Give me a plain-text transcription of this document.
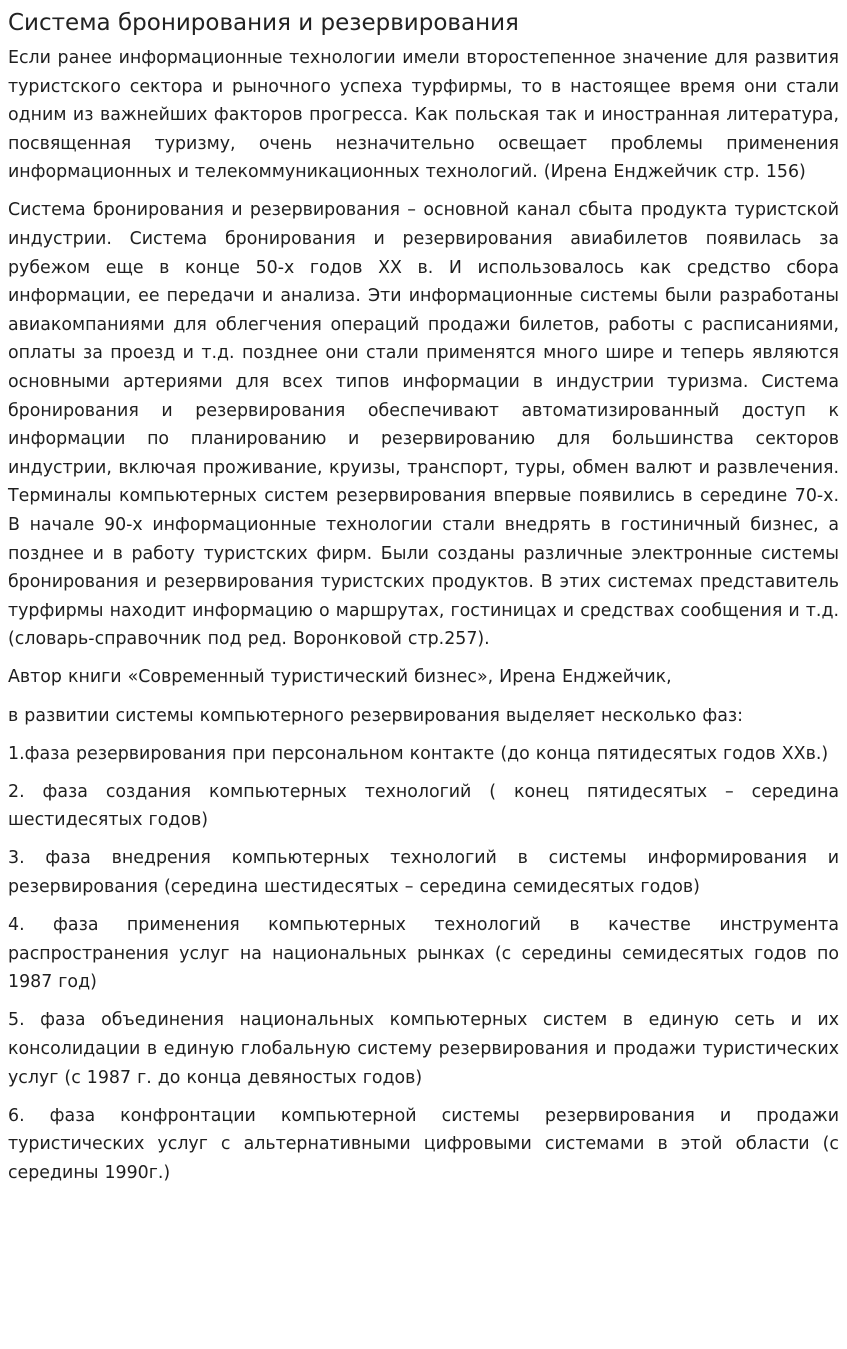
Система бронирования и резервирования

Если ранее информационные технологии имели второстепенное значение для развития туристского сектора и рыночного успеха турфирмы, то в настоящее время они стали одним из важнейших факторов прогресса. Как польская так и иностранная литература, посвященная туризму, очень незначительно освещает проблемы применения информационных и телекоммуникационных технологий. (Ирена Енджейчик стр. 156)

Система бронирования и резервирования – основной канал сбыта продукта туристской индустрии. Система бронирования и резервирования авиабилетов появилась за рубежом еще в конце 50-х годов XX в. И использовалось как средство сбора информации, ее передачи и анализа. Эти информационные системы были разработаны авиакомпаниями для облегчения операций продажи билетов, работы с расписаниями, оплаты за проезд и т.д. позднее они стали применятся много шире и теперь являются основными артериями для всех типов информации в индустрии туризма. Система бронирования и резервирования обеспечивают автоматизированный доступ к информации по планированию и резервированию для большинства секторов индустрии, включая проживание, круизы, транспорт, туры, обмен валют и развлечения. Терминалы компьютерных систем резервирования впервые появились в середине 70-х. В начале 90-х информационные технологии стали внедрять в гостиничный бизнес, а позднее и в работу туристских фирм. Были созданы различные электронные системы бронирования и резервирования туристских продуктов. В этих системах представитель турфирмы находит информацию о маршрутах, гостиницах и средствах сообщения и т.д. (словарь-справочник под ред. Воронковой стр.257).

Автор книги «Современный туристический бизнес», Ирена Енджейчик,

в развитии системы компьютерного резервирования выделяет несколько фаз:

1.фаза резервирования при персональном контакте (до конца пятидесятых годов XXв.)

2. фаза создания компьютерных технологий ( конец пятидесятых – середина шестидесятых годов)

3. фаза внедрения компьютерных технологий в системы информирования и резервирования (середина шестидесятых – середина семидесятых годов)

4. фаза применения компьютерных технологий в качестве инструмента распространения услуг на национальных рынках (с середины семидесятых годов по 1987 год)

5. фаза объединения национальных компьютерных систем в единую сеть и их консолидации в единую глобальную систему резервирования и продажи туристических услуг (с 1987 г. до конца девяностых годов)

6. фаза конфронтации компьютерной системы резервирования и продажи туристических услуг с альтернативными цифровыми системами в этой области (с середины 1990г.)
